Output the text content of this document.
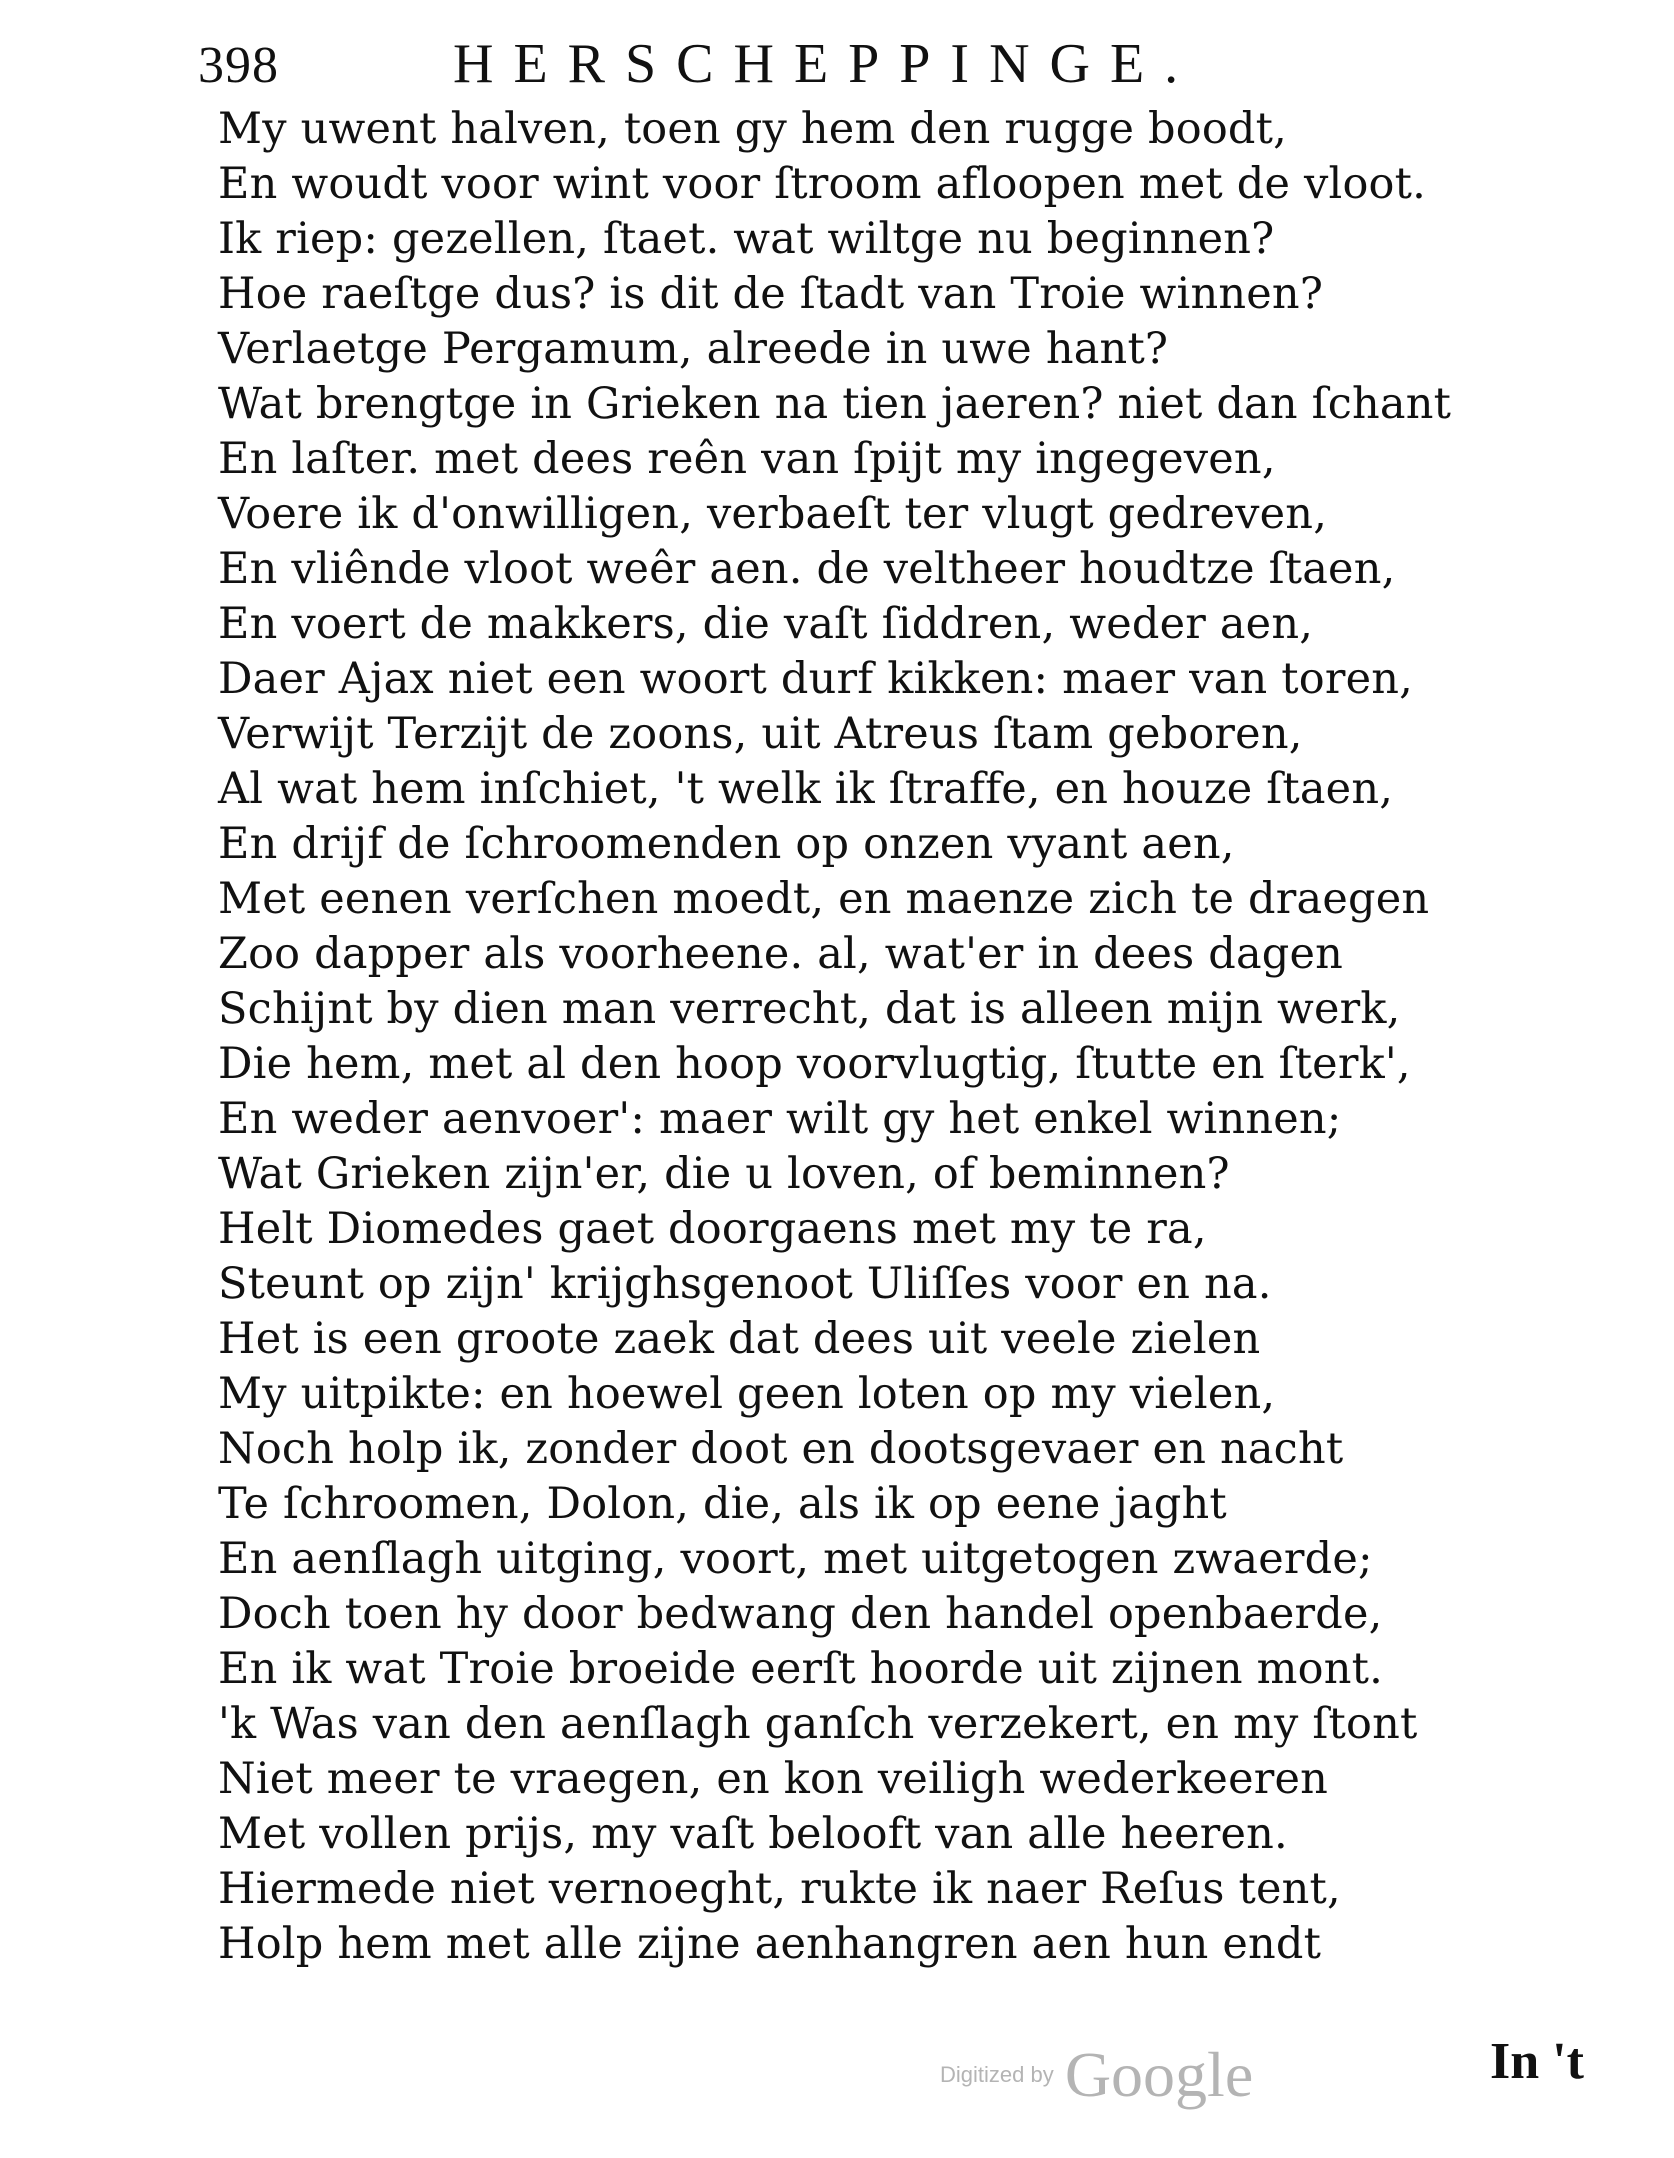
398	HERSCHEPPINGE.
My uwent halven, toen gy hem den rugge boodt,
En woudt voor wint voor ſtroom afloopen met de vloot.
Ik riep: gezellen, ſtaet. wat wiltge nu beginnen?
Hoe raeſtge dus? is dit de ſtadt van Troie winnen?
Verlaetge Pergamum, alreede in uwe hant?
Wat brengtge in Grieken na tien jaeren? niet dan ſchant
En laſter. met dees reên van ſpijt my ingegeven,
Voere ik d'onwilligen, verbaeſt ter vlugt gedreven,
En vliênde vloot weêr aen. de veltheer houdtze ſtaen,
En voert de makkers, die vaſt ſiddren, weder aen,
Daer Ajax niet een woort durf kikken: maer van toren,
Verwijt Terzijt de zoons, uit Atreus ſtam geboren,
Al wat hem inſchiet, 't welk ik ſtraffe, en houze ſtaen,
En drijf de ſchroomenden op onzen vyant aen,
Met eenen verſchen moedt, en maenze zich te draegen
Zoo dapper als voorheene. al, wat'er in dees dagen
Schijnt by dien man verrecht, dat is alleen mijn werk,
Die hem, met al den hoop voorvlugtig, ſtutte en ſterk',
En weder aenvoer': maer wilt gy het enkel winnen;
Wat Grieken zijn'er, die u loven, of beminnen?
Helt Diomedes gaet doorgaens met my te ra,
Steunt op zijn' krijghsgenoot Uliſſes voor en na.
Het is een groote zaek dat dees uit veele zielen
My uitpikte: en hoewel geen loten op my vielen,
Noch holp ik, zonder doot en dootsgevaer en nacht
Te ſchroomen, Dolon, die, als ik op eene jaght
En aenſlagh uitging, voort, met uitgetogen zwaerde;
Doch toen hy door bedwang den handel openbaerde,
En ik wat Troie broeide eerſt hoorde uit zijnen mont.
'k Was van den aenſlagh ganſch verzekert, en my ſtont
Niet meer te vraegen, en kon veiligh wederkeeren
Met vollen prijs, my vaſt belooft van alle heeren.
Hiermede niet vernoeght, rukte ik naer Reſus tent,
Holp hem met alle zijne aenhangren aen hun endt
Digitized by Google	In 't
